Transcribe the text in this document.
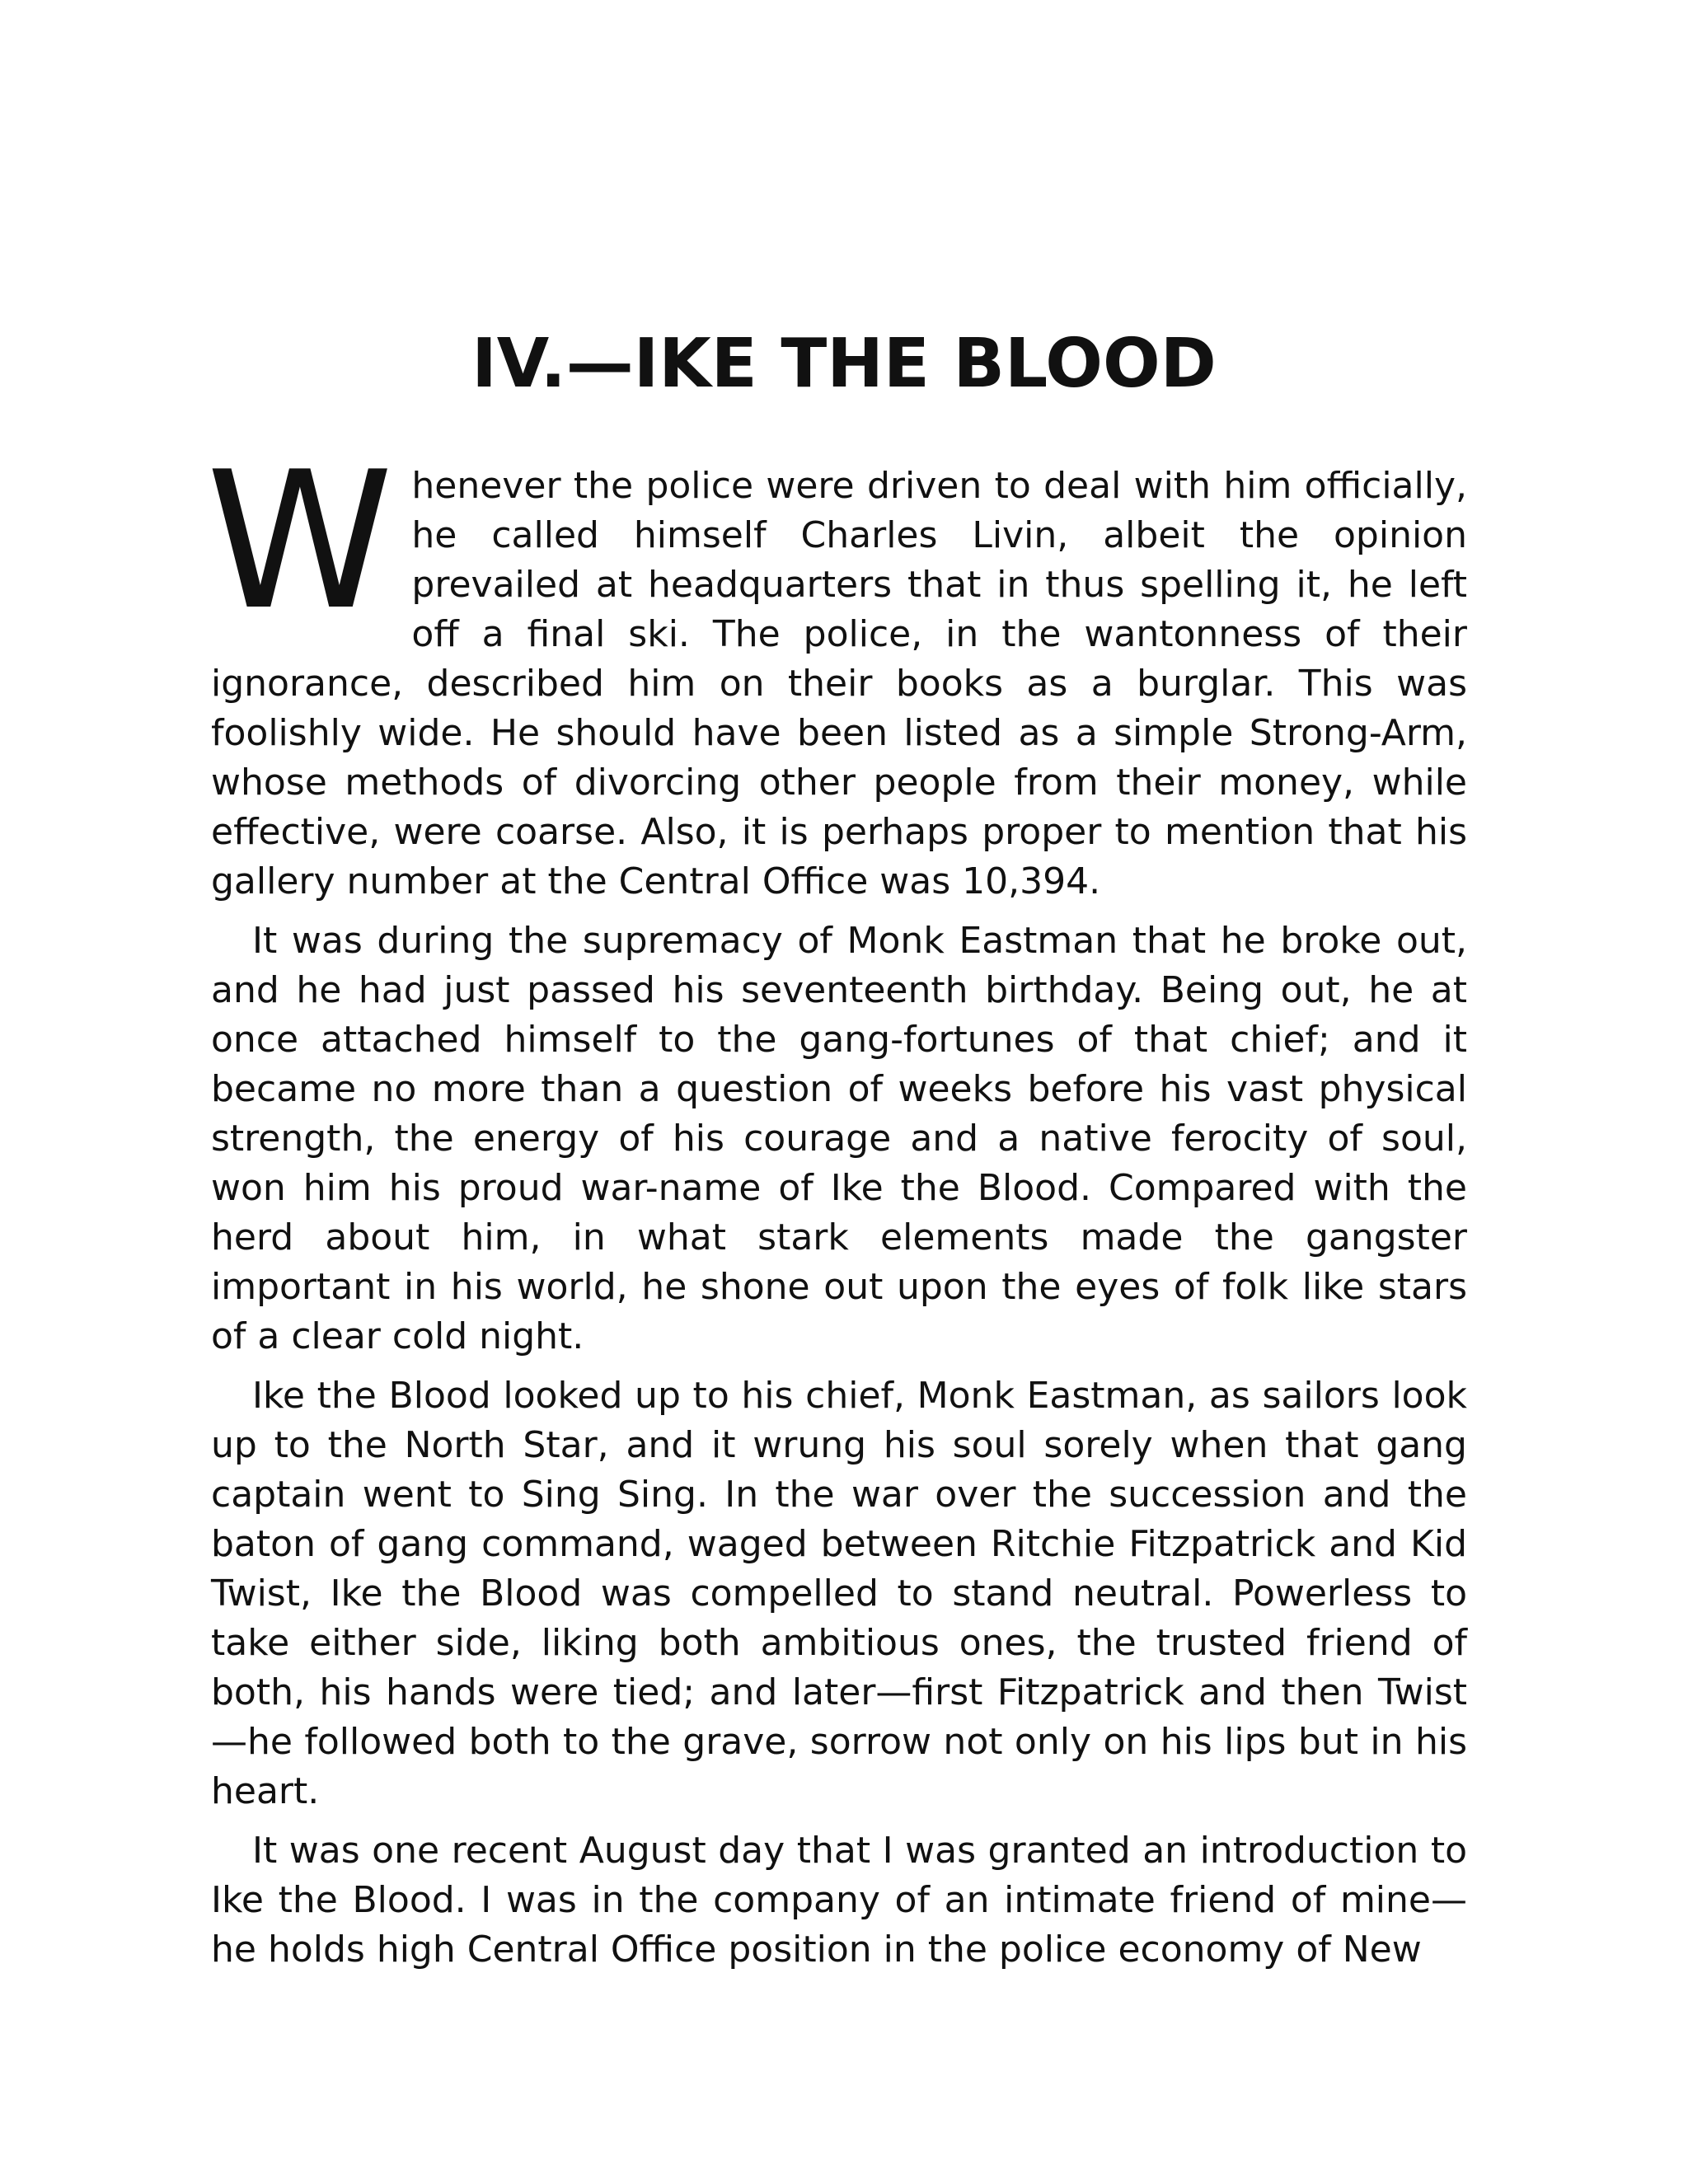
IV.—IKE THE BLOOD

Whenever the police were driven to deal with him officially, he called himself Charles Livin, albeit the opinion prevailed at headquarters that in thus spelling it, he left off a final ski. The police, in the wantonness of their ignorance, described him on their books as a burglar. This was foolishly wide. He should have been listed as a simple Strong-Arm, whose methods of divorcing other people from their money, while effective, were coarse. Also, it is perhaps proper to mention that his gallery number at the Central Office was 10,394.

It was during the supremacy of Monk Eastman that he broke out, and he had just passed his seventeenth birthday. Being out, he at once attached himself to the gang-fortunes of that chief; and it became no more than a question of weeks before his vast physical strength, the energy of his courage and a native ferocity of soul, won him his proud war-name of Ike the Blood. Compared with the herd about him, in what stark elements made the gangster important in his world, he shone out upon the eyes of folk like stars of a clear cold night.

Ike the Blood looked up to his chief, Monk Eastman, as sailors look up to the North Star, and it wrung his soul sorely when that gang captain went to Sing Sing. In the war over the succession and the baton of gang command, waged between Ritchie Fitzpatrick and Kid Twist, Ike the Blood was compelled to stand neutral. Powerless to take either side, liking both ambitious ones, the trusted friend of both, his hands were tied; and later—first Fitzpatrick and then Twist—he followed both to the grave, sorrow not only on his lips but in his heart.

It was one recent August day that I was granted an introduction to Ike the Blood. I was in the company of an intimate friend of mine—he holds high Central Office position in the police economy of New
